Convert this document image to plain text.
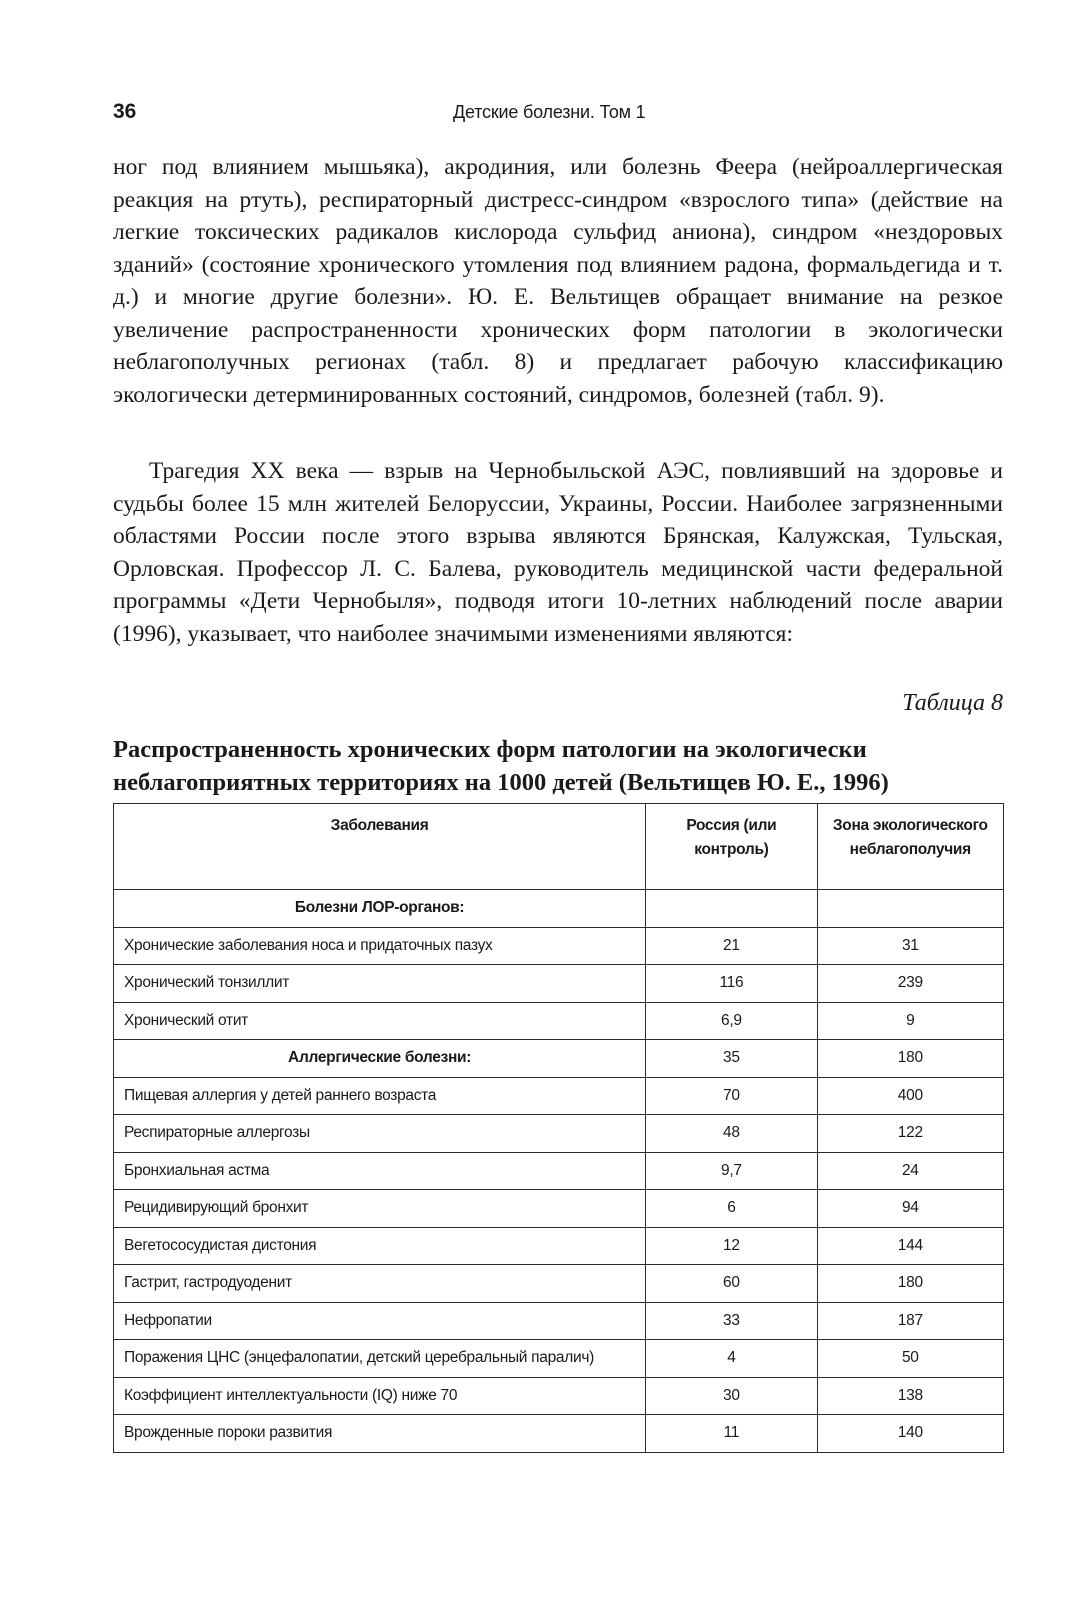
36	Детские болезни. Том 1

ног под влиянием мышьяка), акродиния, или болезнь Феера (нейроаллергическая реакция на ртуть), респираторный дистресс-синдром «взрослого типа» (действие на легкие токсических радикалов кислорода сульфид аниона), синдром «нездоровых зданий» (состояние хронического утомления под влиянием радона, формальдегида и т. д.) и многие другие болезни». Ю. Е. Вельтищев обращает внимание на резкое увеличение распространенности хронических форм патологии в экологически неблагополучных регионах (табл. 8) и предлагает рабочую классификацию экологически детерминированных состояний, синдромов, болезней (табл. 9).

Трагедия XX века — взрыв на Чернобыльской АЭС, повлиявший на здоровье и судьбы более 15 млн жителей Белоруссии, Украины, России. Наиболее загрязненными областями России после этого взрыва являются Брянская, Калужская, Тульская, Орловская. Профессор Л. С. Балева, руководитель медицинской части федеральной программы «Дети Чернобыля», подводя итоги 10-летних наблюдений после аварии (1996), указывает, что наиболее значимыми изменениями являются:

Таблица 8
Распространенность хронических форм патологии на экологически неблагоприятных территориях на 1000 детей (Вельтищев Ю. Е., 1996)
Заболевания	Россия (или контроль)	Зона экологического неблагополучия
Болезни ЛОР-органов:		
Хронические заболевания носа и придаточных пазух	21	31
Хронический тонзиллит	116	239
Хронический отит	6,9	9
Аллергические болезни:	35	180
Пищевая аллергия у детей раннего возраста	70	400
Респираторные аллергозы	48	122
Бронхиальная астма	9,7	24
Рецидивирующий бронхит	6	94
Вегетососудистая дистония	12	144
Гастрит, гастродуоденит	60	180
Нефропатии	33	187
Поражения ЦНС (энцефалопатии, детский церебральный паралич)	4	50
Коэффициент интеллектуальности (IQ) ниже 70	30	138
Врожденные пороки развития	11	140
